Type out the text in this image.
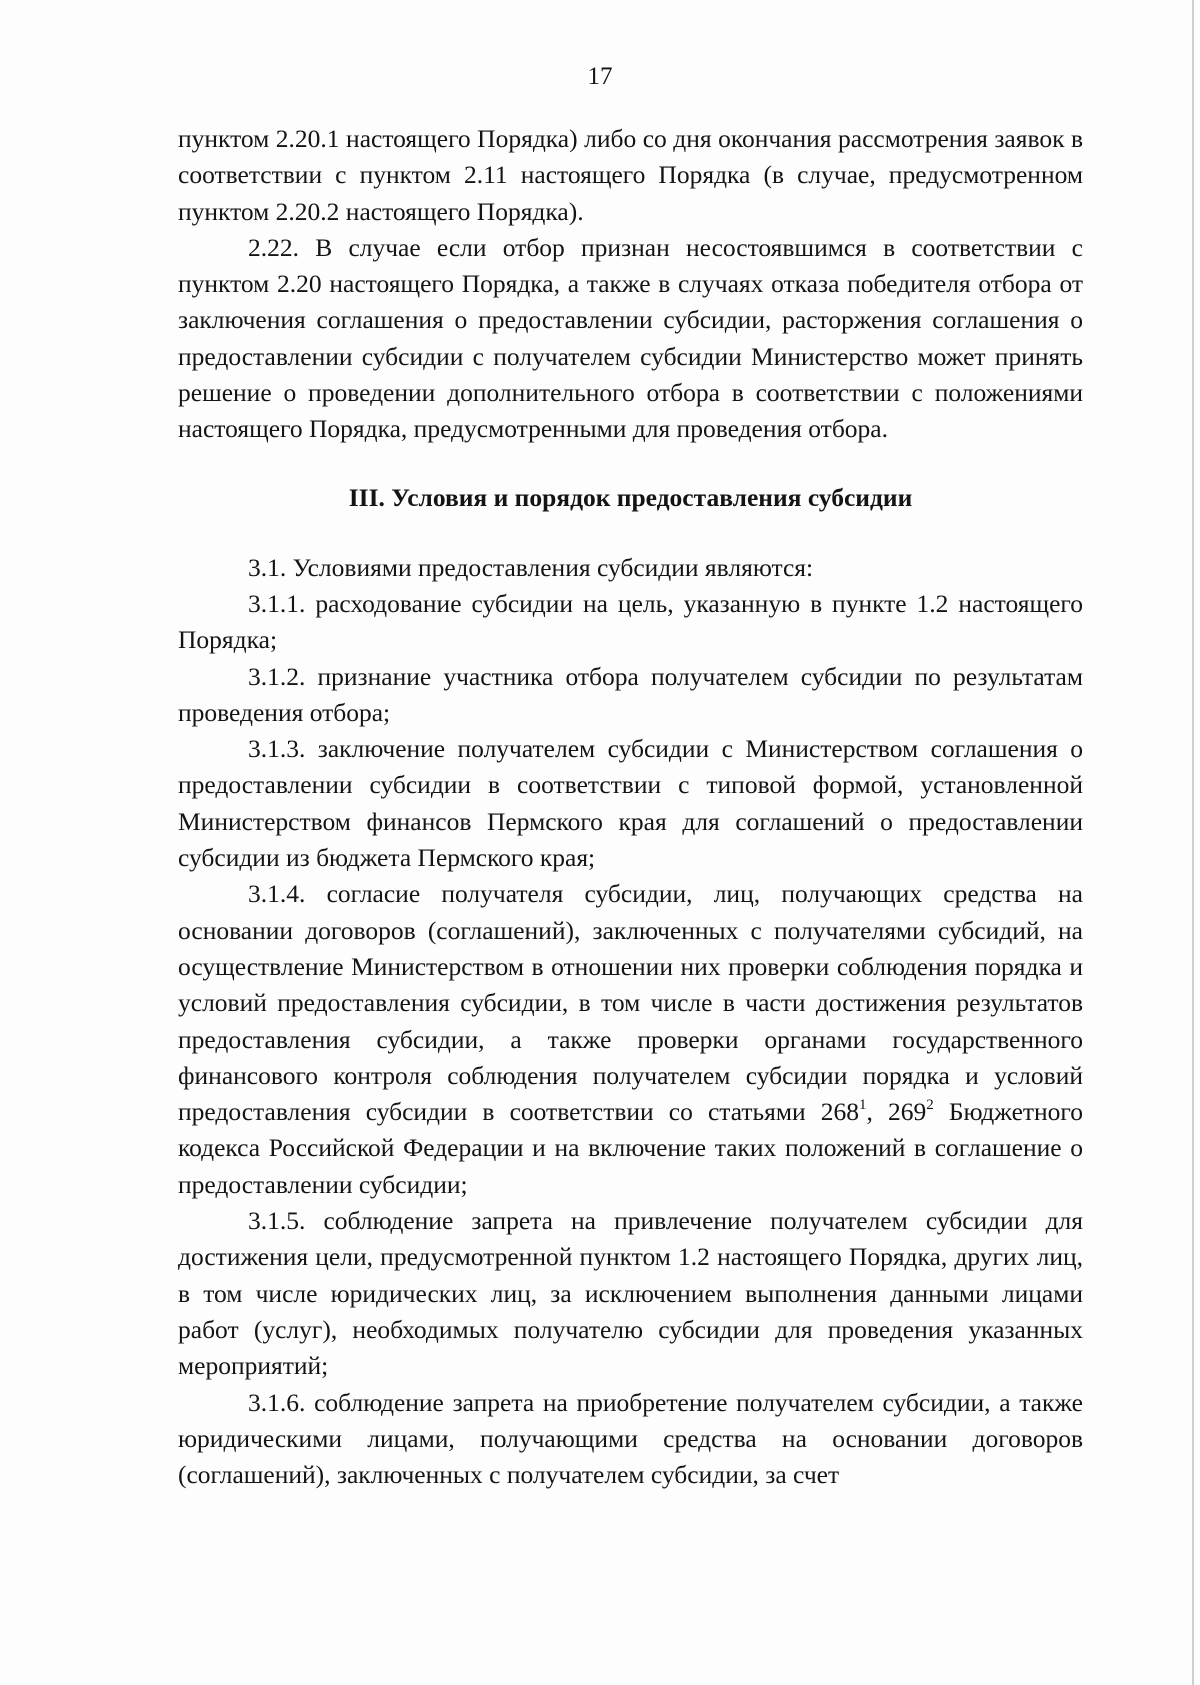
17

пунктом 2.20.1 настоящего Порядка) либо со дня окончания рассмотрения заявок в соответствии с пунктом 2.11 настоящего Порядка (в случае, предусмотренном пунктом 2.20.2 настоящего Порядка).

2.22. В случае если отбор признан несостоявшимся в соответствии с пунктом 2.20 настоящего Порядка, а также в случаях отказа победителя отбора от заключения соглашения о предоставлении субсидии, расторжения соглашения о предоставлении субсидии с получателем субсидии Министерство может принять решение о проведении дополнительного отбора в соответствии с положениями настоящего Порядка, предусмотренными для проведения отбора.

III. Условия и порядок предоставления субсидии

3.1. Условиями предоставления субсидии являются:

3.1.1. расходование субсидии на цель, указанную в пункте 1.2 настоящего Порядка;

3.1.2. признание участника отбора получателем субсидии по результатам проведения отбора;

3.1.3. заключение получателем субсидии с Министерством соглашения о предоставлении субсидии в соответствии с типовой формой, установленной Министерством финансов Пермского края для соглашений о предоставлении субсидии из бюджета Пермского края;

3.1.4. согласие получателя субсидии, лиц, получающих средства на основании договоров (соглашений), заключенных с получателями субсидий, на осуществление Министерством в отношении них проверки соблюдения порядка и условий предоставления субсидии, в том числе в части достижения результатов предоставления субсидии, а также проверки органами государственного финансового контроля соблюдения получателем субсидии порядка и условий предоставления субсидии в соответствии со статьями $268^1$, $269^2$ Бюджетного кодекса Российской Федерации и на включение таких положений в соглашение о предоставлении субсидии;

3.1.5. соблюдение запрета на привлечение получателем субсидии для достижения цели, предусмотренной пунктом 1.2 настоящего Порядка, других лиц, в том числе юридических лиц, за исключением выполнения данными лицами работ (услуг), необходимых получателю субсидии для проведения указанных мероприятий;

3.1.6. соблюдение запрета на приобретение получателем субсидии, а также юридическими лицами, получающими средства на основании договоров (соглашений), заключенных с получателем субсидии, за счет
